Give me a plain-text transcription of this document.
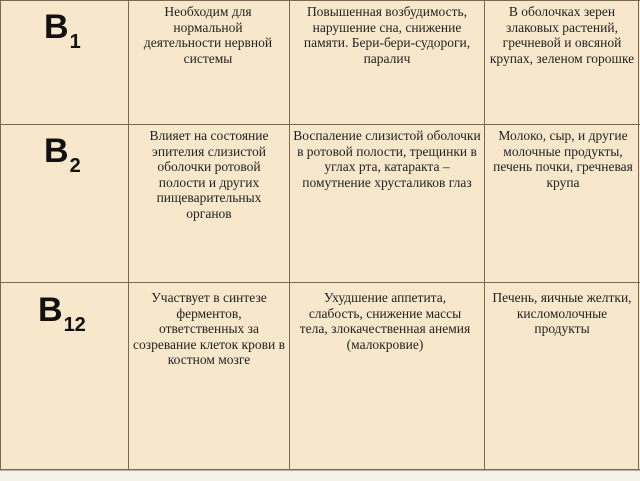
$B_1$
Необходим для нормальной деятельности нервной системы
Повышенная возбудимость, нарушение сна, снижение памяти. Бери-бери-судороги, паралич
В оболочках зерен злаковых растений, гречневой и овсяной крупах, зеленом горошке
$B_2$
Влияет на состояние эпителия слизистой оболочки ротовой полости и других пищеварительных органов
Воспаление слизистой оболочки в ротовой полости, трещинки в углах рта, катаракта – помутнение хрусталиков глаз
Молоко, сыр, и другие молочные продукты, печень почки, гречневая крупа
$B_{12}$
Участвует в синтезе ферментов, ответственных за созревание клеток крови в костном мозге
Ухудшение аппетита, слабость, снижение массы тела, злокачественная анемия (малокровие)
Печень, яичные желтки, кисломолочные продукты
